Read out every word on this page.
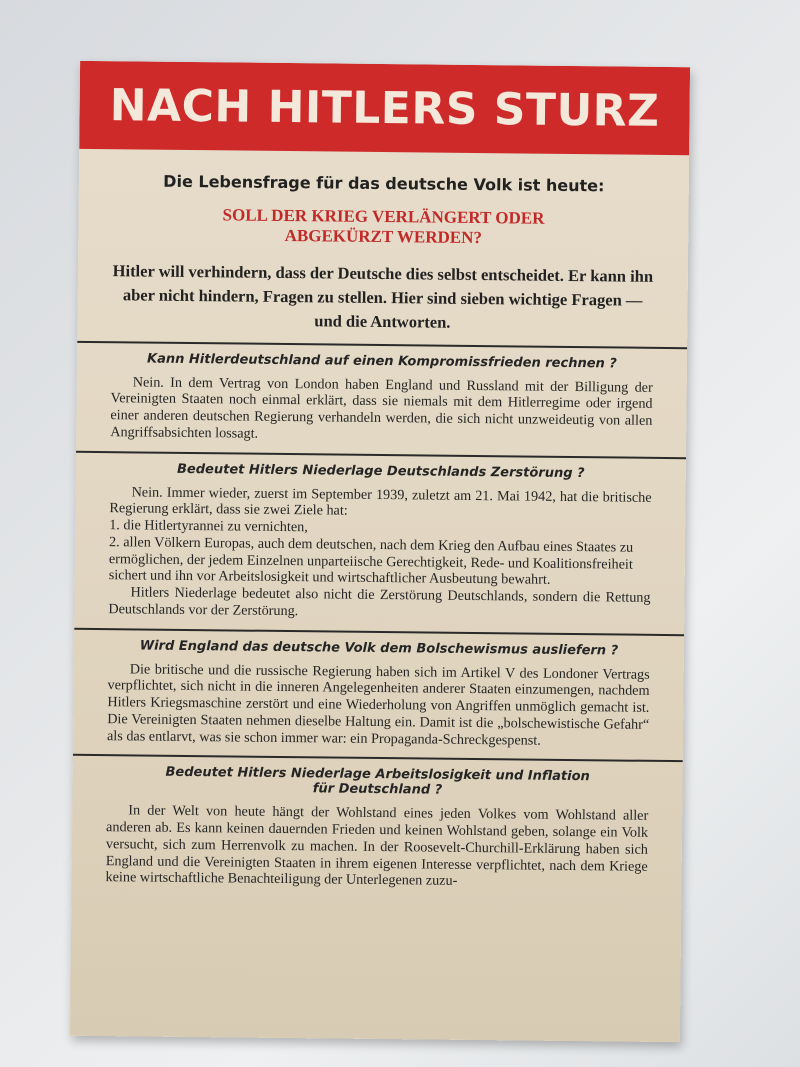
NACH HITLERS STURZ

Die Lebensfrage für das deutsche Volk ist heute:

SOLL DER KRIEG VERLÄNGERT ODER
ABGEKÜRZT WERDEN?

Hitler will verhindern, dass der Deutsche dies selbst entscheidet. Er kann ihn aber nicht hindern, Fragen zu stellen. Hier sind sieben wichtige Fragen — und die Antworten.

Kann Hitlerdeutschland auf einen Kompromissfrieden rechnen ?

Nein. In dem Vertrag von London haben England und Russland mit der Billigung der Vereinigten Staaten noch einmal erklärt, dass sie niemals mit dem Hitlerregime oder irgend einer anderen deutschen Regierung verhandeln werden, die sich nicht unzweideutig von allen Angriffsabsichten lossagt.

Bedeutet Hitlers Niederlage Deutschlands Zerstörung ?

Nein. Immer wieder, zuerst im September 1939, zuletzt am 21. Mai 1942, hat die britische Regierung erklärt, dass sie zwei Ziele hat:

1. die Hitlertyrannei zu vernichten,
2. allen Völkern Europas, auch dem deutschen, nach dem Krieg den Aufbau eines Staates zu ermöglichen, der jedem Einzelnen unparteiische Gerechtigkeit, Rede- und Koalitionsfreiheit sichert und ihn vor Arbeitslosigkeit und wirtschaftlicher Ausbeutung bewahrt.

Hitlers Niederlage bedeutet also nicht die Zerstörung Deutschlands, sondern die Rettung Deutschlands vor der Zerstörung.

Wird England das deutsche Volk dem Bolschewismus ausliefern ?

Die britische und die russische Regierung haben sich im Artikel V des Londoner Vertrags verpflichtet, sich nicht in die inneren Angelegenheiten anderer Staaten einzumengen, nachdem Hitlers Kriegsmaschine zerstört und eine Wiederholung von Angriffen unmöglich gemacht ist. Die Vereinigten Staaten nehmen dieselbe Haltung ein. Damit ist die „bolschewistische Gefahr“ als das entlarvt, was sie schon immer war: ein Propaganda-Schreckgespenst.

Bedeutet Hitlers Niederlage Arbeitslosigkeit und Inflation
für Deutschland ?

In der Welt von heute hängt der Wohlstand eines jeden Volkes vom Wohlstand aller anderen ab. Es kann keinen dauernden Frieden und keinen Wohlstand geben, solange ein Volk versucht, sich zum Herrenvolk zu machen. In der Roosevelt-Churchill-Erklärung haben sich England und die Vereinigten Staaten in ihrem eigenen Interesse verpflichtet, nach dem Kriege keine wirtschaftliche Benachteiligung der Unterlegenen zuzu-
